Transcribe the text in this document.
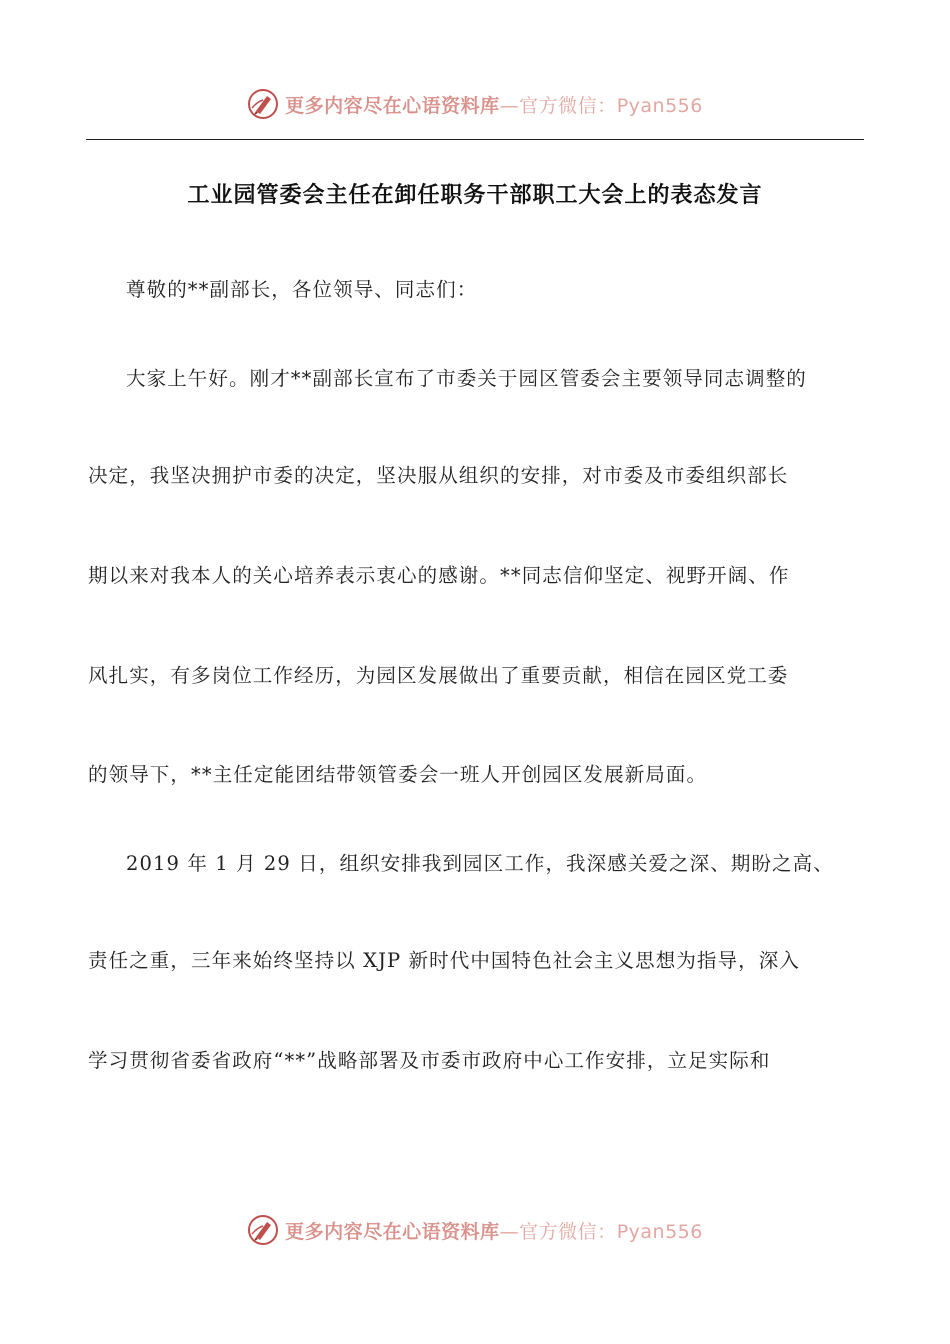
更多内容尽在心语资料库—官方微信：Pyan556
工业园管委会主任在卸任职务干部职工大会上的表态发言
尊敬的**副部长，各位领导、同志们：
大家上午好。刚才**副部长宣布了市委关于园区管委会主要领导同志调整的
决定，我坚决拥护市委的决定，坚决服从组织的安排，对市委及市委组织部长
期以来对我本人的关心培养表示衷心的感谢。**同志信仰坚定、视野开阔、作
风扎实，有多岗位工作经历，为园区发展做出了重要贡献，相信在园区党工委
的领导下，**主任定能团结带领管委会一班人开创园区发展新局面。
2019 年 1 月 29 日，组织安排我到园区工作，我深感关爱之深、期盼之高、
责任之重，三年来始终坚持以 XJP 新时代中国特色社会主义思想为指导，深入
学习贯彻省委省政府“**”战略部署及市委市政府中心工作安排，立足实际和
更多内容尽在心语资料库—官方微信：Pyan556
